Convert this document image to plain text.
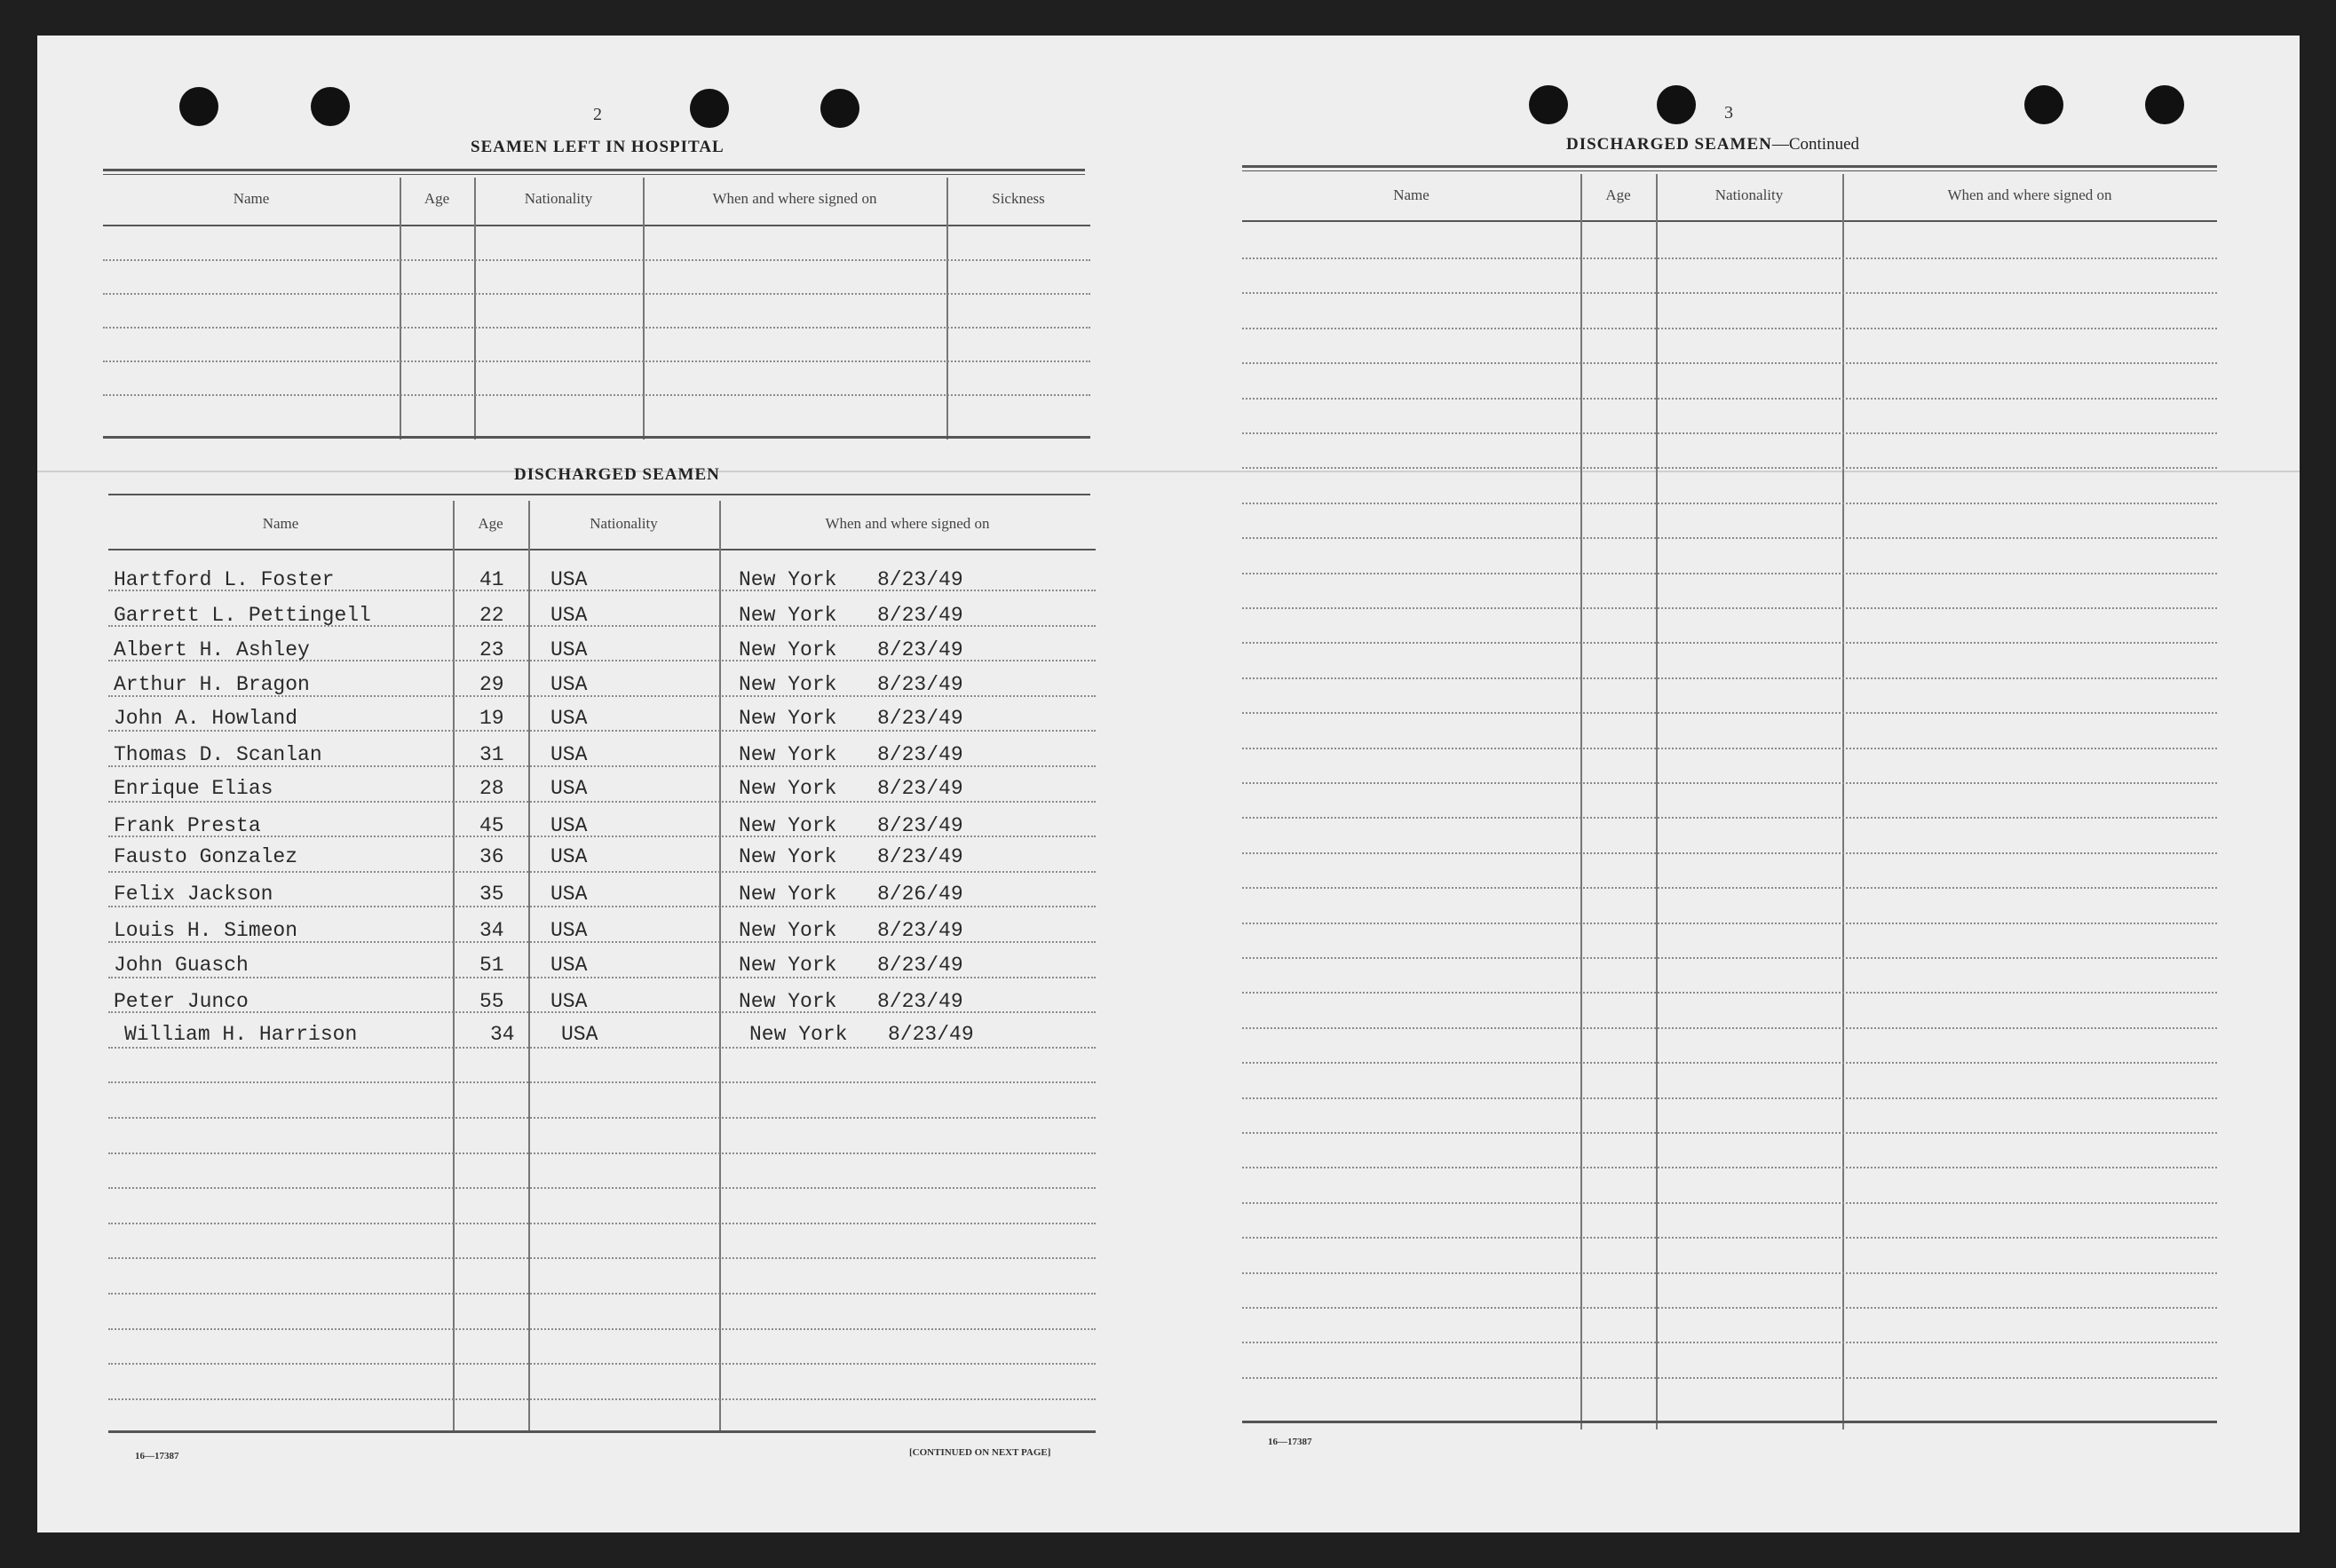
2
SEAMEN LEFT IN HOSPITAL
Name	Age	Nationality	When and where signed on	Sickness
DISCHARGED SEAMEN
Name	Age	Nationality	When and where signed on
Hartford L. Foster	41 USA	New York 8/23/49
Garrett L. Pettingell	22 USA	New York 8/23/49
Albert H. Ashley	23 USA	New York 8/23/49
Arthur H. Bragon	29 USA	New York 8/23/49
John A. Howland	19 USA	New York 8/23/49
Thomas D. Scanlan	31 USA	New York 8/23/49
Enrique Elias	28 USA	New York 8/23/49
Frank Presta	45 USA	New York 8/23/49
Fausto Gonzalez	36 USA	New York 8/23/49
Felix Jackson	35 USA	New York 8/26/49
Louis H. Simeon	34 USA	New York 8/23/49
John Guasch	51 USA	New York 8/23/49
Peter Junco	55 USA	New York 8/23/49
William H. Harrison	34 USA	New York 8/23/49
16—17387	[CONTINUED ON NEXT PAGE]
3
DISCHARGED SEAMEN—Continued
Name	Age	Nationality	When and where signed on
16—17387
